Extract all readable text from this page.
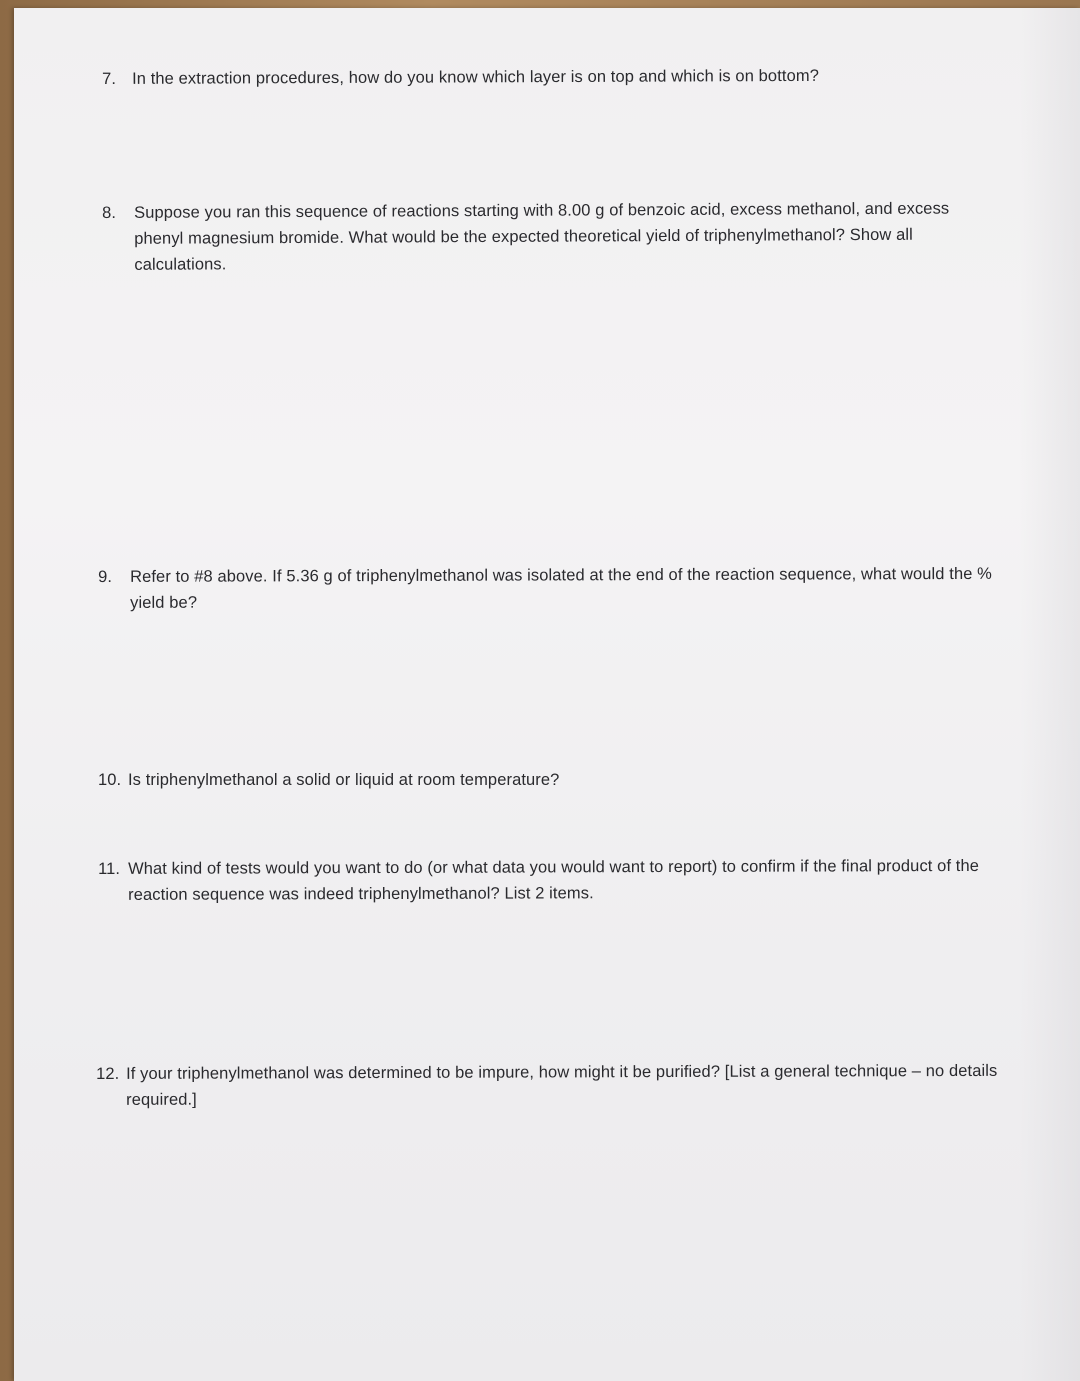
7. In the extraction procedures, how do you know which layer is on top and which is on bottom?
8. Suppose you ran this sequence of reactions starting with 8.00 g of benzoic acid, excess methanol, and excess phenyl magnesium bromide. What would be the expected theoretical yield of triphenylmethanol? Show all calculations.
9. Refer to #8 above. If 5.36 g of triphenylmethanol was isolated at the end of the reaction sequence, what would the % yield be?
10. Is triphenylmethanol a solid or liquid at room temperature?
11. What kind of tests would you want to do (or what data you would want to report) to confirm if the final product of the reaction sequence was indeed triphenylmethanol? List 2 items.
12. If your triphenylmethanol was determined to be impure, how might it be purified? [List a general technique – no details required.]
